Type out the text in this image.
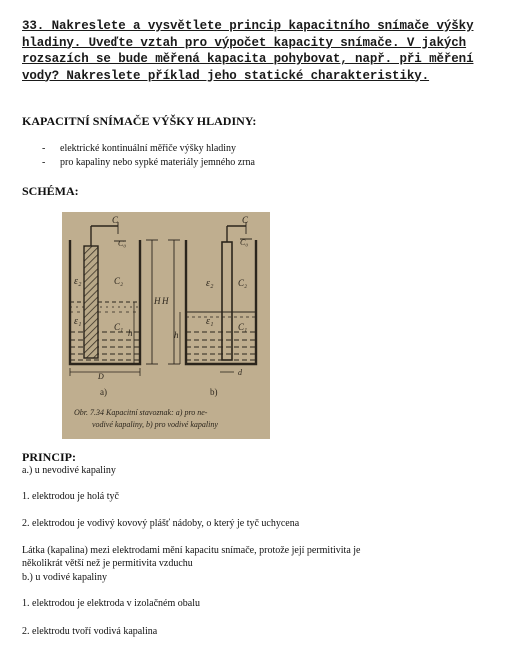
33. Nakreslete a vysvětlete princip kapacitního snímače výšky
hladiny. Uveďte vztah pro výpočet kapacity snímače. V jakých
rozsazích se bude měřená kapacita pohybovat, např. při měření
vody? Nakreslete příklad jeho statické charakteristiky.
KAPACITNÍ SNÍMAČE VÝŠKY HLADINY:
-	elektrické kontinuální měřiče výšky hladiny
-	pro kapaliny nebo sypké materiály jemného zrna
SCHÉMA:
C
C₀
ε₂	C₂
ε₁	C₁
H
h
D
C
C₀
ε₂	C₂
ε₁	C₁
H
h
d
a)	b)
Obr. 7.34 Kapacitní stavoznak: a) pro ne-
vodivé kapaliny, b) pro vodivé kapaliny
PRINCIP:
a.) u nevodivé kapaliny
1. elektrodou je holá tyč
2. elektrodou je vodivý kovový plášť nádoby, o který je tyč uchycena
Látka (kapalina) mezi elektrodami mění kapacitu snímače, protože její permitivita je
několikrát větší než je permitivita vzduchu
b.) u vodivé kapaliny
1. elektrodou je elektroda v izolačném obalu
2. elektrodu tvoří vodivá kapalina
